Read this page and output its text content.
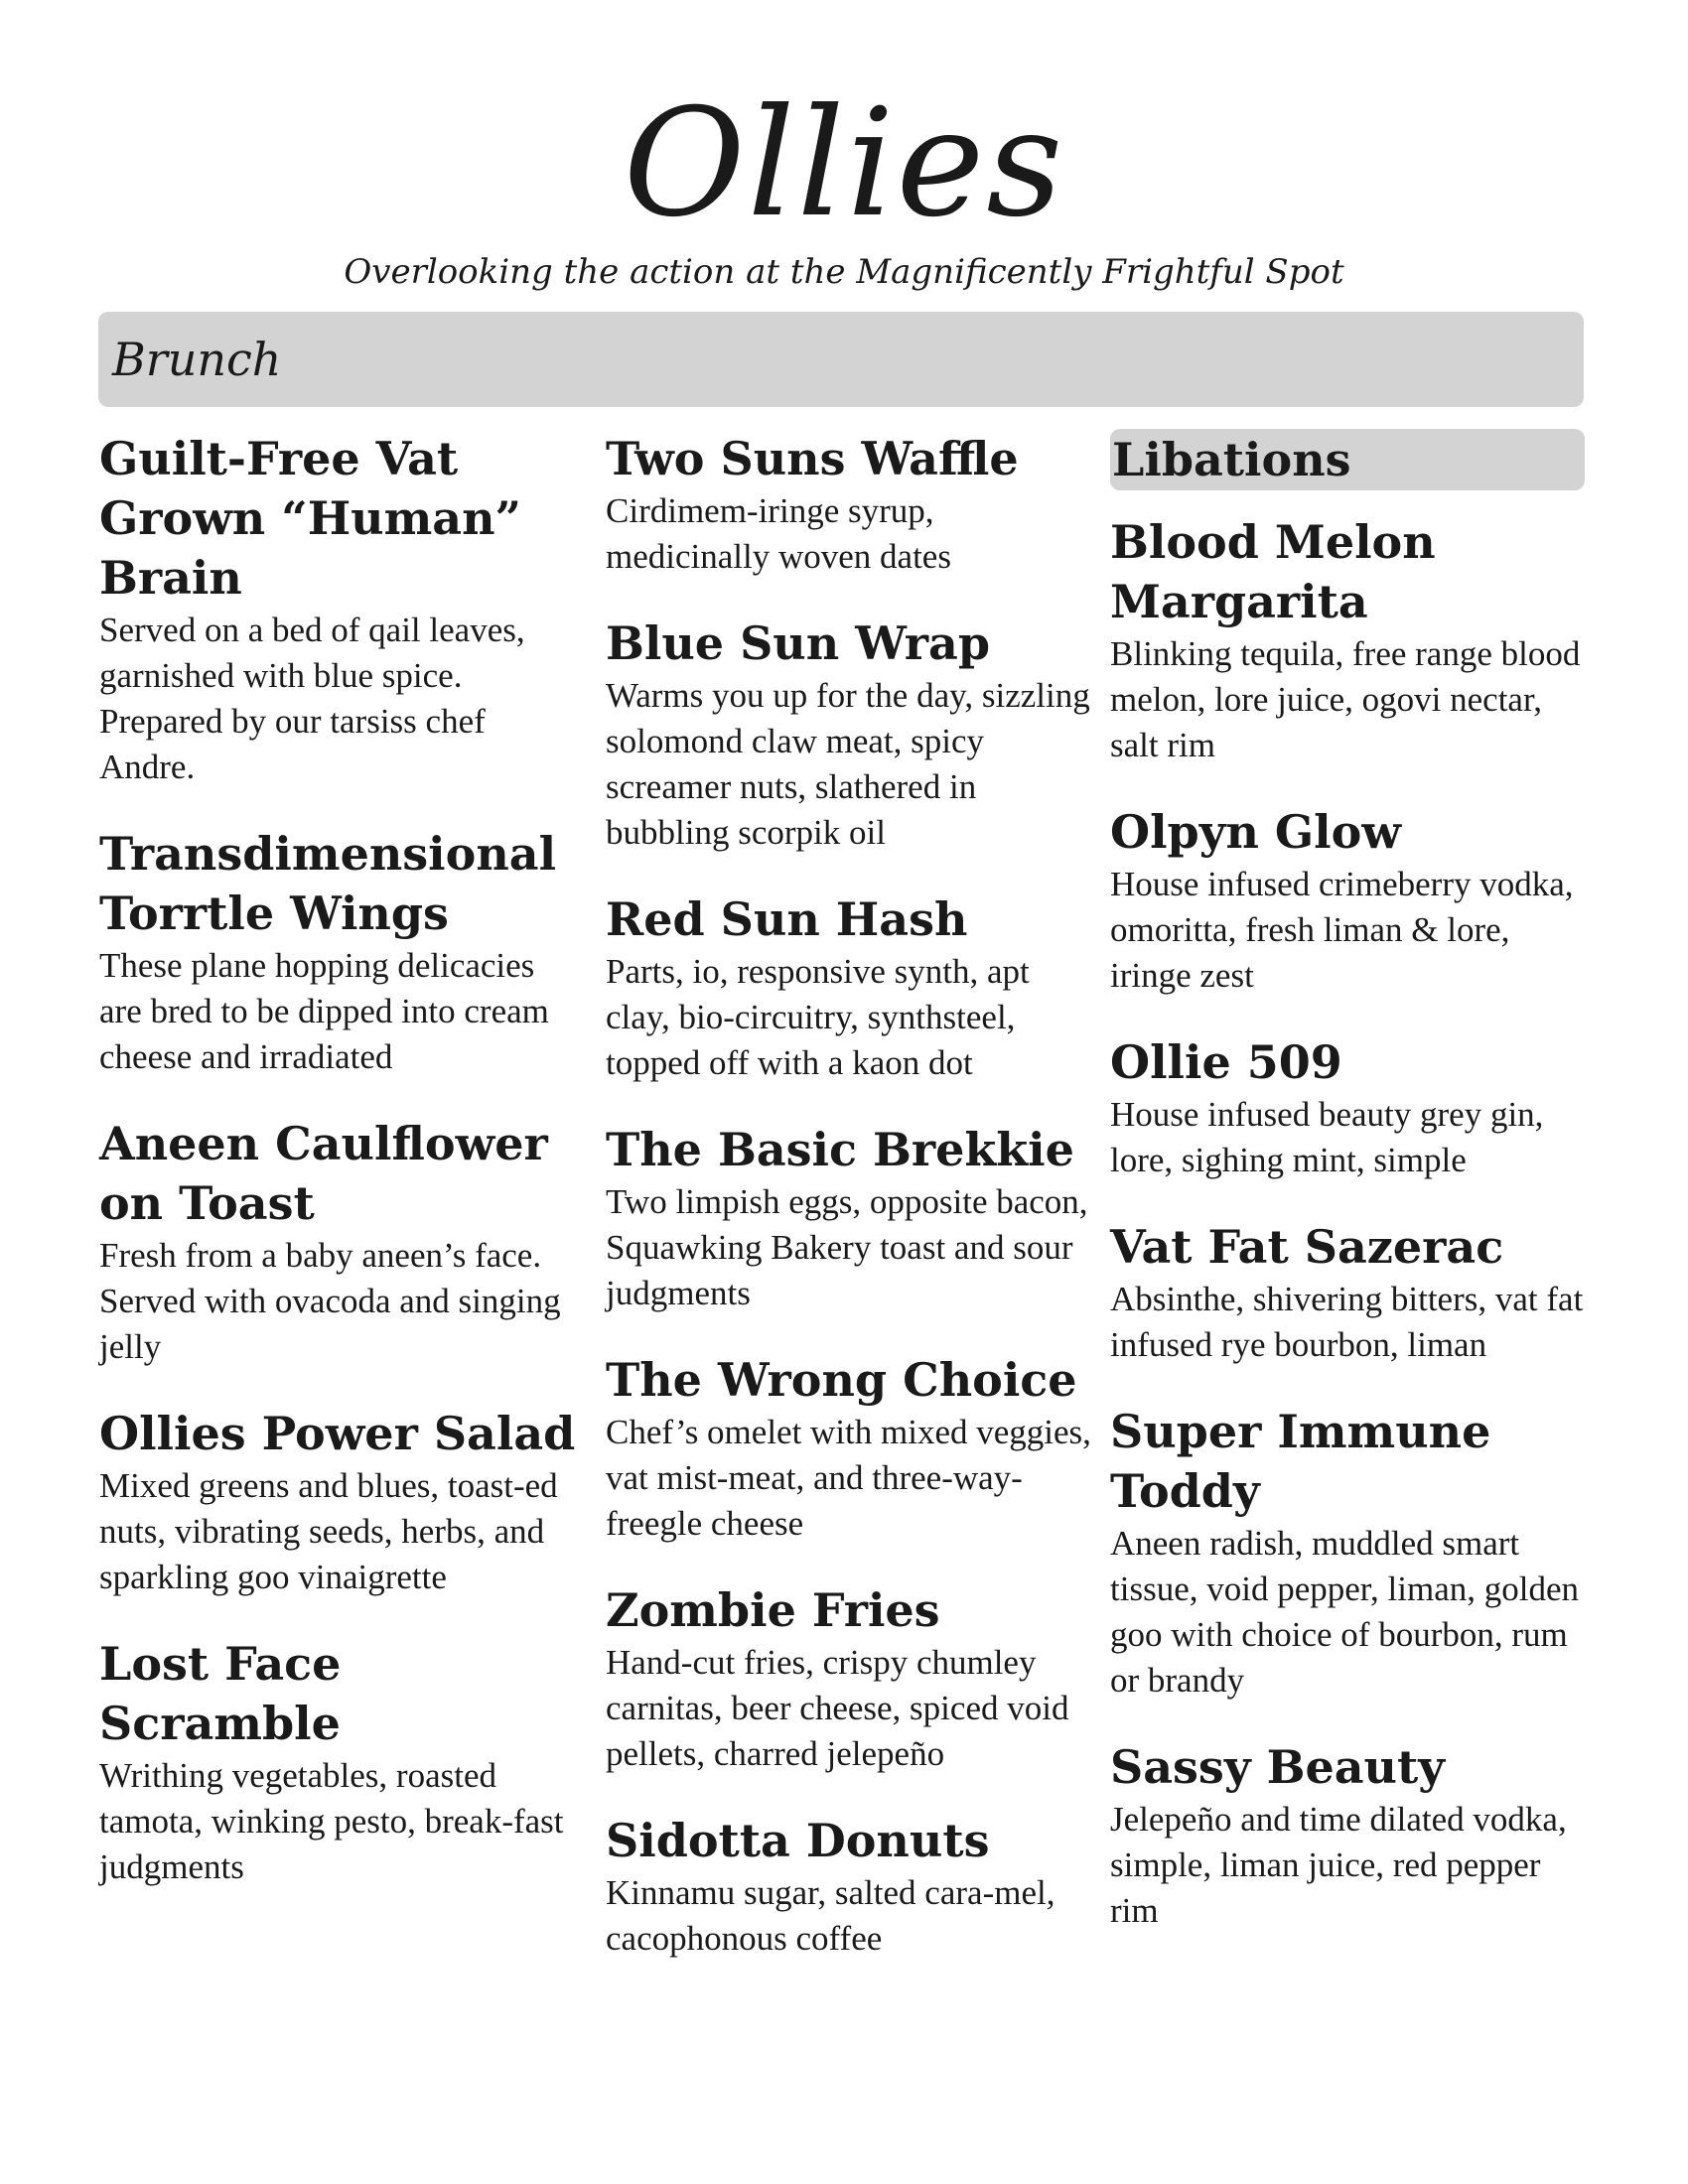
Ollies

Overlooking the action at the Magnificently Frightful Spot

Brunch
Guilt-Free Vat Grown “Human” Brain

Served on a bed of qail leaves, garnished with blue spice. Prepared by our tarsiss chef Andre.

Transdimensional Torrtle Wings

These plane hopping delicacies are bred to be dipped into cream cheese and irradiated

Aneen Caulflower on Toast

Fresh from a baby aneen’s face. Served with ovacoda and singing jelly

Ollies Power Salad

Mixed greens and blues, toast-ed nuts, vibrating seeds, herbs, and sparkling goo vinaigrette

Lost Face Scramble

Writhing vegetables, roasted tamota, winking pesto, break-fast judgments

Two Suns Waffle

Cirdimem-iringe syrup, medicinally woven dates

Blue Sun Wrap

Warms you up for the day, sizzling solomond claw meat, spicy screamer nuts, slathered in bubbling scorpik oil

Red Sun Hash

Parts, io, responsive synth, apt clay, bio-circuitry, synthsteel, topped off with a kaon dot

The Basic Brekkie

Two limpish eggs, opposite bacon, Squawking Bakery toast and sour judgments

The Wrong Choice

Chef’s omelet with mixed veggies, vat mist-meat, and three-way-freegle cheese

Zombie Fries

Hand-cut fries, crispy chumley carnitas, beer cheese, spiced void pellets, charred jelepeño

Sidotta Donuts

Kinnamu sugar, salted cara-mel, cacophonous coffee

Libations
Blood Melon Margarita

Blinking tequila, free range blood melon, lore juice, ogovi nectar, salt rim

Olpyn Glow

House infused crimeberry vodka, omoritta, fresh liman & lore, iringe zest

Ollie 509

House infused beauty grey gin, lore, sighing mint, simple

Vat Fat Sazerac

Absinthe, shivering bitters, vat fat infused rye bourbon, liman

Super Immune Toddy

Aneen radish, muddled smart tissue, void pepper, liman, golden goo with choice of bourbon, rum or brandy

Sassy Beauty

Jelepeño and time dilated vodka, simple, liman juice, red pepper rim
